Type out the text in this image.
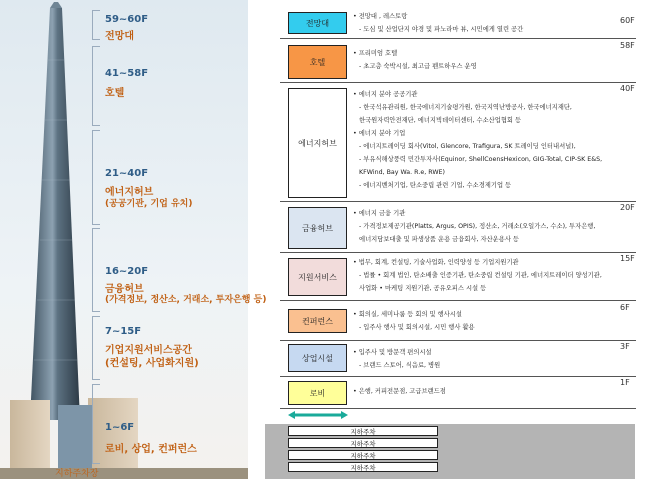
59~60F
전망대
41~58F
호텔
21~40F
에너지허브
(공공기관, 기업 유치)
16~20F
금융허브
(가격정보, 정산소, 거래소, 투자은행 등)
7~15F
기업지원서비스공간
(컨설팅, 사업화지원)
1~6F
로비, 상업, 컨퍼런스
지하주차장
전망대	60F
• 전망대 , 레스토랑
- 도심 및 산업단지 야경 및 파노라마 뷰, 시민에게 열린 공간
호텔
58F
• 프리미엄 호텔
- 초고층 숙박시설, 최고급 펜트하우스 운영
에너지허브
40F
• 에너지 분야 공공기관
- 한국석유관리원, 한국에너지기술평가원, 한국지역난방공사, 한국에너지재단,
한국원자력안전재단, 에너지빅데이터센터, 수소산업협회 등
• 에너지 분야 기업
- 에너지트레이딩 회사(Vitol, Glencore, Trafigura, SK 트레이딩 인터내셔널),
- 부유식해상풍력 민간투자사(Equinor, ShellCoensHexicon, GIG-Total, CIP-SK E&S,
KFWind, Bay Wa. R.e, RWE)
- 에너지벤처기업, 탄소중립 관련 기업, 수소경제기업 등
금융허브
20F
• 에너지 금융 기관
- 가격정보제공기관(Platts, Argus, OPIS), 정산소, 거래소(오일가스, 수소), 투자은행,
에너지담보대출 및 파생상품 운용 금융회사, 자산운용사 등
지원서비스
15F
• 법무, 회계, 컨설팅, 기술사업화, 인력양성 등 기업지원기관
- 법률 • 회계 법인, 탄소배출 인증기관, 탄소중립 컨설팅 기관, 에너지트레이더 양성기관,
사업화 • 마케팅 지원기관, 공유오피스 시설 등
컨퍼런스
6F
• 회의실, 세미나룸 등 회의 및 행사시설
- 입주사 행사 및 회의시설, 시민 행사 활용
상업시설
3F
• 입주사 및 방문객 편의시설
- 브랜드 스토어, 식음료, 병원
로비
1F
• 은행, 커피전문점, 고급브랜드점
지하주차
지하주차
지하주차
지하주차
